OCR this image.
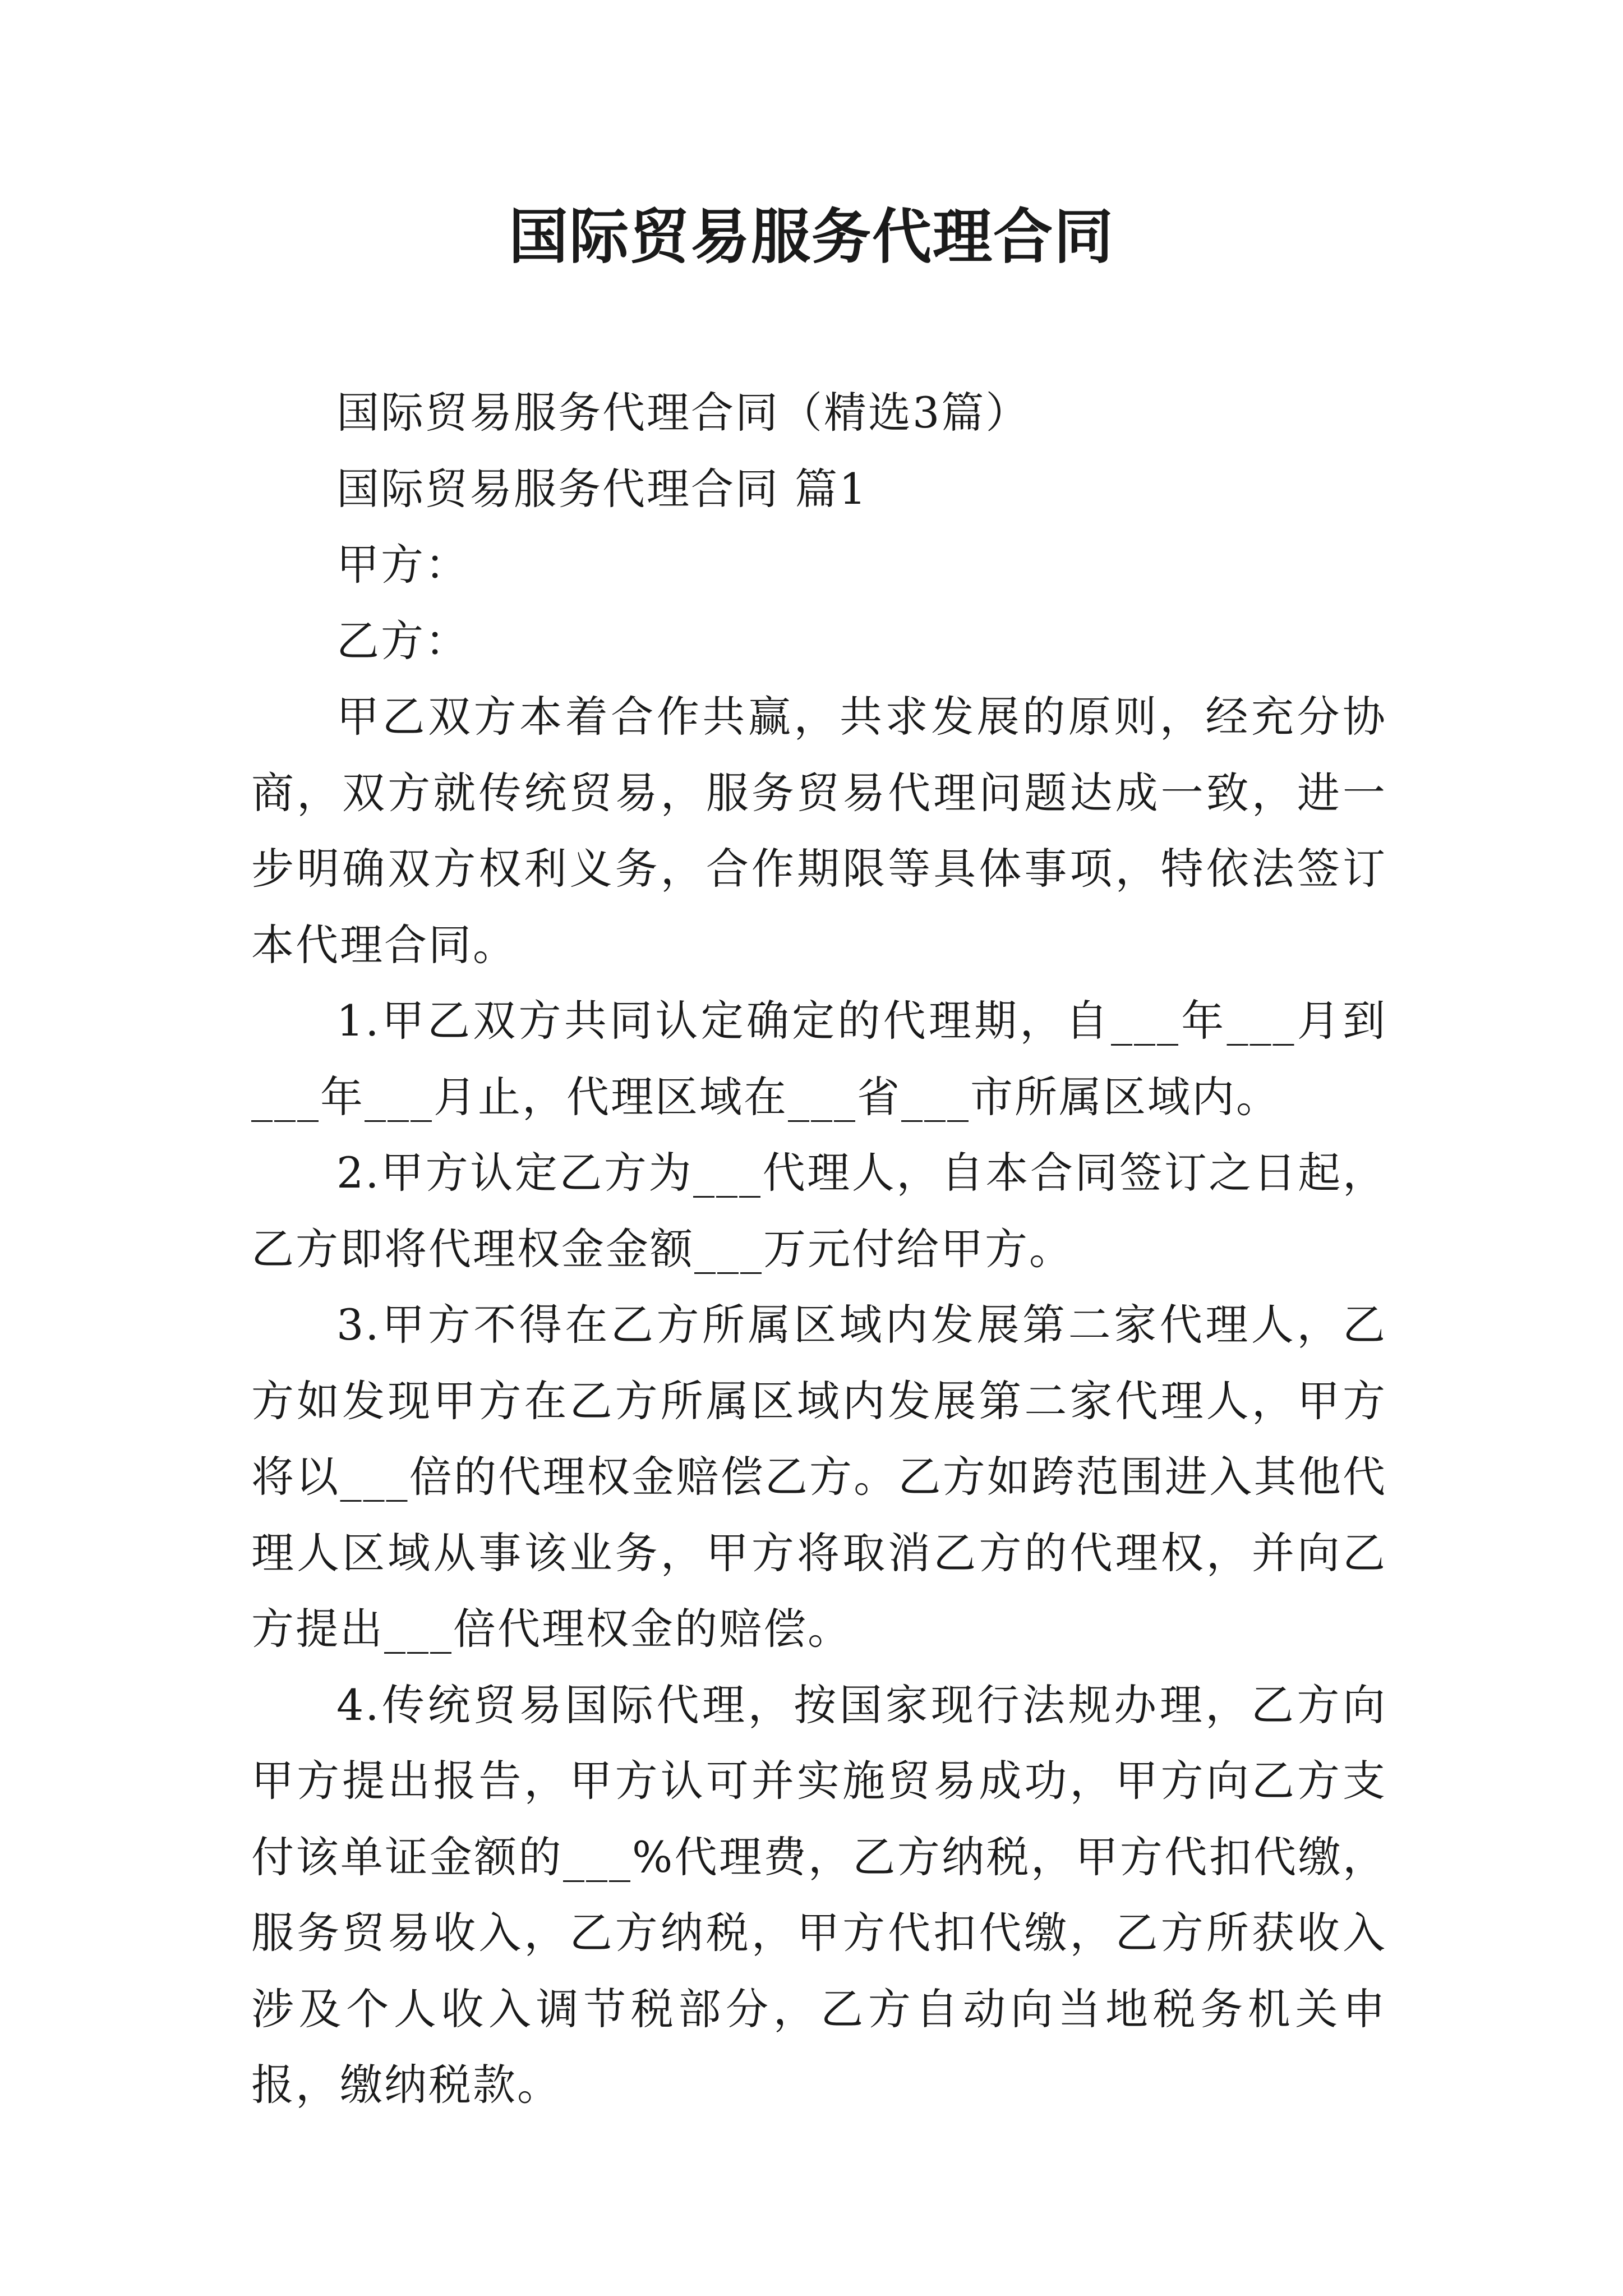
国际贸易服务代理合同

国际贸易服务代理合同（精选3篇）

国际贸易服务代理合同 篇1

甲方：

乙方：

甲乙双方本着合作共赢，共求发展的原则，经充分协商，双方就传统贸易，服务贸易代理问题达成一致，进一步明确双方权利义务，合作期限等具体事项，特依法签订本代理合同。

1.甲乙双方共同认定确定的代理期，自___年___月到___年___月止，代理区域在___省___市所属区域内。

2.甲方认定乙方为___代理人，自本合同签订之日起，乙方即将代理权金金额___万元付给甲方。

3.甲方不得在乙方所属区域内发展第二家代理人，乙方如发现甲方在乙方所属区域内发展第二家代理人，甲方将以___倍的代理权金赔偿乙方。乙方如跨范围进入其他代理人区域从事该业务，甲方将取消乙方的代理权，并向乙方提出___倍代理权金的赔偿。

4.传统贸易国际代理，按国家现行法规办理，乙方向甲方提出报告，甲方认可并实施贸易成功，甲方向乙方支付该单证金额的___%代理费，乙方纳税，甲方代扣代缴，服务贸易收入，乙方纳税，甲方代扣代缴，乙方所获收入涉及个人收入调节税部分，乙方自动向当地税务机关申报，缴纳税款。
